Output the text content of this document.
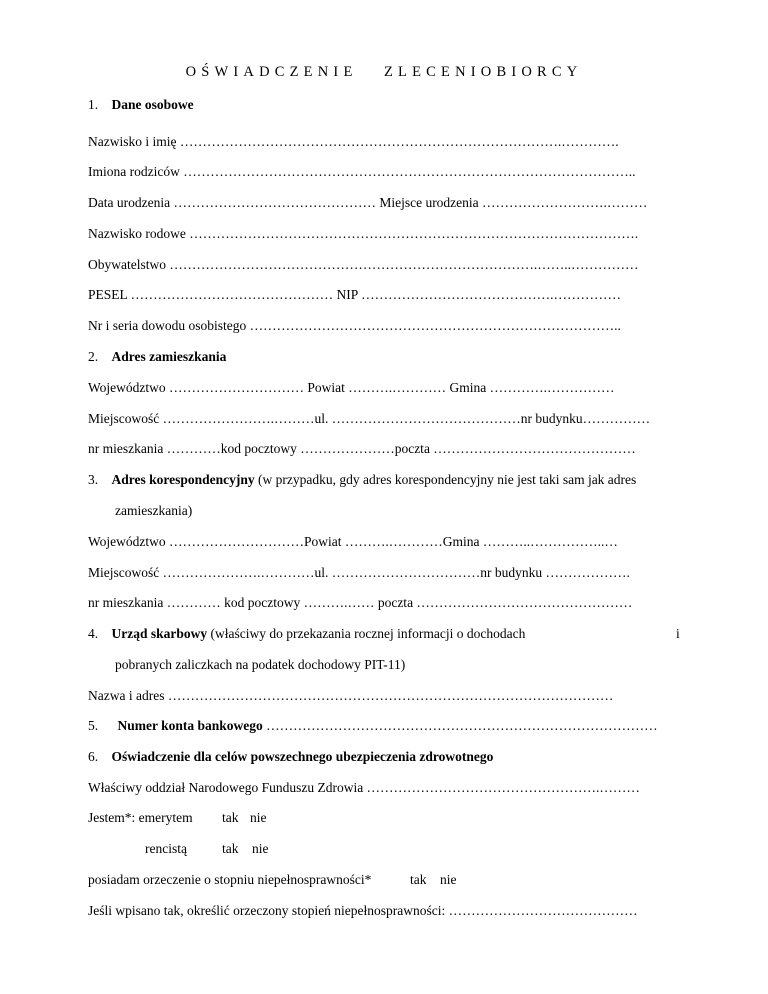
OŚWIADCZENIE   ZLECENIOBIORCY
1. Dane osobowe
Nazwisko i imię ………………………………………………………………………….………….
Imiona rodziców ………………………………………………………………………………………..
Data urodzenia ……………………………………… Miejsce urodzenia ……………………….………
Nazwisko rodowe ……………………………………………………………………………………….
Obywatelstwo ……………………………………………………………………….……..……………
PESEL ……………………………………… NIP …………………………………….……………
Nr i seria dowodu osobistego ………………………………………………………………………..
2. Adres zamieszkania
Województwo ………………………… Powiat ……….………… Gmina ………….……………
Miejscowość …………………….………ul. ……………………………………nr budynku……………
nr mieszkania …………kod pocztowy …………………poczta ………………………………………
3. Adres korespondencyjny (w przypadku, gdy adres korespondencyjny nie jest taki sam jak adres
zamieszkania)
Województwo …………………………Powiat ……….…………Gmina ………..……………..…
Miejscowość ………………….…………ul. ……………………………nr budynku ……………….
nr mieszkania ………… kod pocztowy ……….…… poczta …………………………………………
4. Urząd skarbowy (właściwy do przekazania rocznej informacji o dochodach	i
pobranych zaliczkach na podatek dochodowy PIT-11)
Nazwa i adres ………………………………………………………………………………………
5. Numer konta bankowego ……………………………………………………………………………
6. Oświadczenie dla celów powszechnego ubezpieczenia zdrowotnego
Właściwy oddział Narodowego Funduszu Zdrowia …………………………………………….………
Jestem*: emerytem tak nie
rencistą	tak nie
posiadam orzeczenie o stopniu niepełnosprawności*	tak nie
Jeśli wpisano tak, określić orzeczony stopień niepełnosprawności: ……………………………………
